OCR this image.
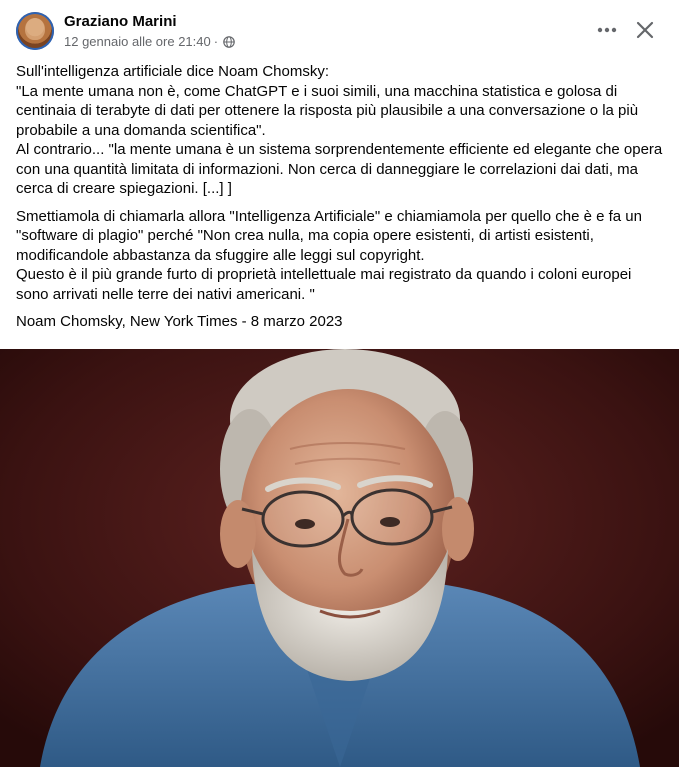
Graziano Marini
12 gennaio alle ore 21:40 ·

Sull'intelligenza artificiale dice Noam Chomsky:
"La mente umana non è, come ChatGPT e i suoi simili, una macchina statistica e golosa di centinaia di terabyte di dati per ottenere la risposta più plausibile a una conversazione o la più probabile a una domanda scientifica".
Al contrario... "la mente umana è un sistema sorprendentemente efficiente ed elegante che opera con una quantità limitata di informazioni. Non cerca di danneggiare le correlazioni dai dati, ma cerca di creare spiegazioni. [...] ]

Smettiamola di chiamarla allora "Intelligenza Artificiale" e chiamiamola per quello che è e fa un "software di plagio" perché "Non crea nulla, ma copia opere esistenti, di artisti esistenti, modificandole abbastanza da sfuggire alle leggi sul copyright.
Questo è il più grande furto di proprietà intellettuale mai registrato da quando i coloni europei sono arrivati nelle terre dei nativi americani. "

Noam Chomsky, New York Times - 8 marzo 2023
